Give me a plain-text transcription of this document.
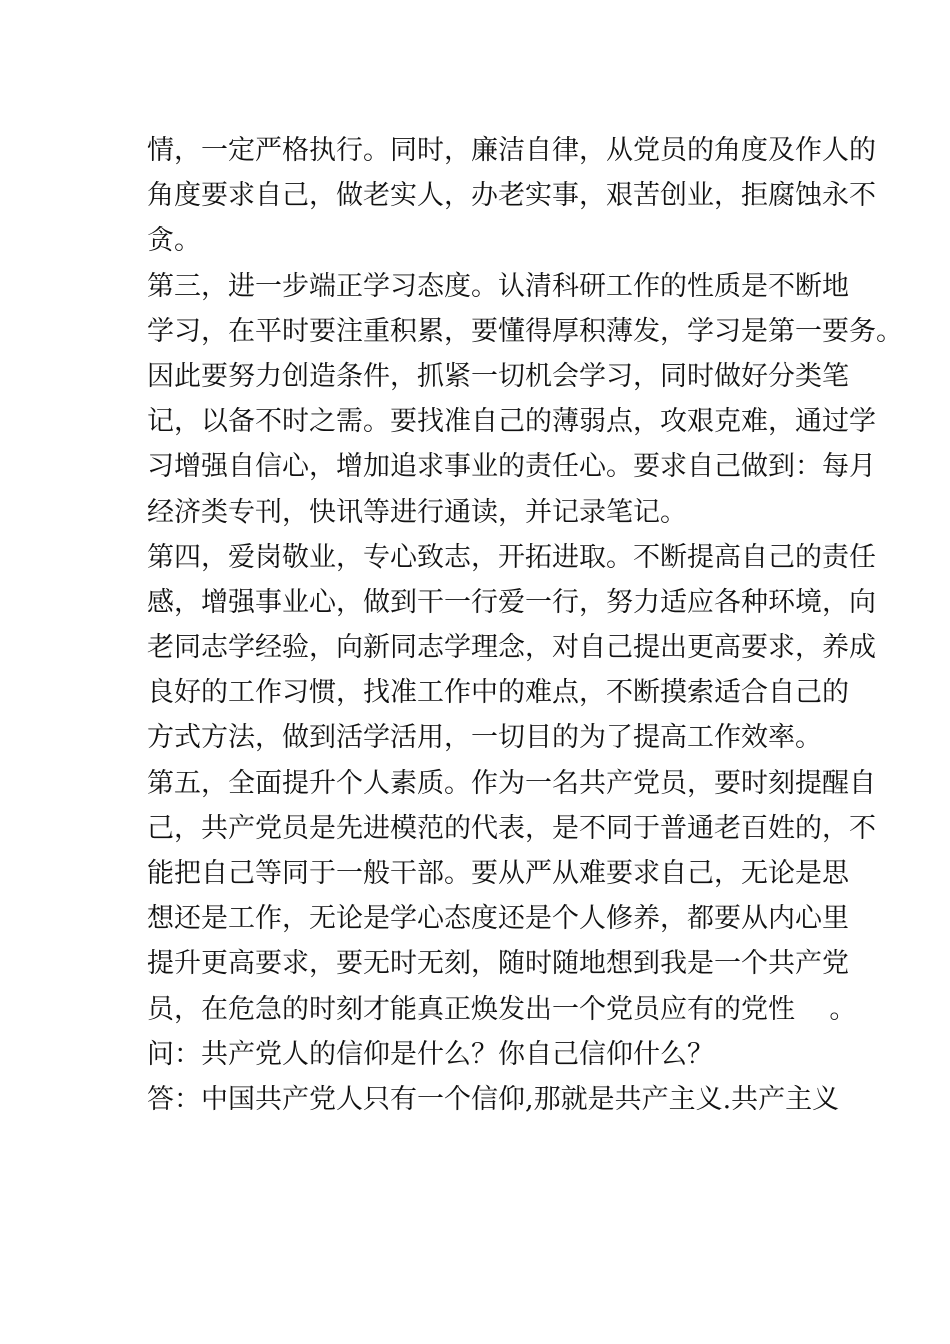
情，一定严格执行。同时，廉洁自律，从党员的角度及作人的
角度要求自己，做老实人，办老实事，艰苦创业，拒腐蚀永不
贪。
第三，进一步端正学习态度。认清科研工作的性质是不断地
学习，在平时要注重积累，要懂得厚积薄发，学习是第一要务。
因此要努力创造条件，抓紧一切机会学习，同时做好分类笔
记，以备不时之需。要找准自己的薄弱点，攻艰克难，通过学
习增强自信心，增加追求事业的责任心。要求自己做到：每月
经济类专刊，快讯等进行通读，并记录笔记。
第四，爱岗敬业，专心致志，开拓进取。不断提高自己的责任
感，增强事业心，做到干一行爱一行，努力适应各种环境，向
老同志学经验，向新同志学理念，对自己提出更高要求，养成
良好的工作习惯，找准工作中的难点，不断摸索适合自己的
方式方法，做到活学活用，一切目的为了提高工作效率。
第五，全面提升个人素质。作为一名共产党员，要时刻提醒自
己，共产党员是先进模范的代表，是不同于普通老百姓的，不
能把自己等同于一般干部。要从严从难要求自己，无论是思
想还是工作，无论是学心态度还是个人修养，都要从内心里
提升更高要求，要无时无刻，随时随地想到我是一个共产党
员，在危急的时刻才能真正焕发出一个党员应有的党性    。
问：共产党人的信仰是什么？你自己信仰什么？
答：中国共产党人只有一个信仰,那就是共产主义.共产主义
